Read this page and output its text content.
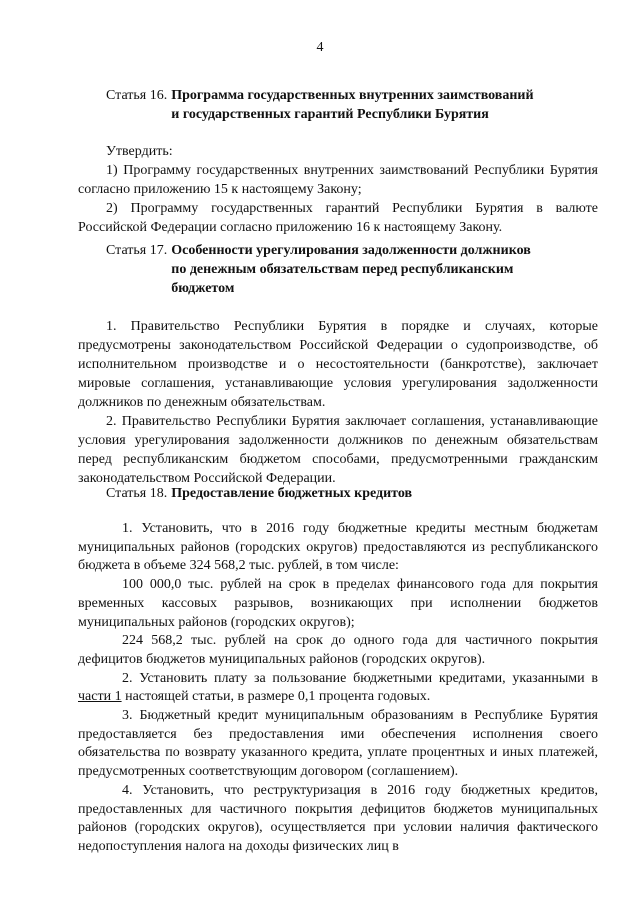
4
Статья 16. Программа государственных внутренних заимствований
и государственных гарантий Республики Бурятия

Утвердить:

1) Программу государственных внутренних заимствований Республики Бурятия согласно приложению 15 к настоящему Закону;

2) Программу государственных гарантий Республики Бурятия в валюте Российской Федерации согласно приложению 16 к настоящему Закону.

Статья 17. Особенности урегулирования задолженности должников
по денежным обязательствам перед республиканским
бюджетом

1. Правительство Республики Бурятия в порядке и случаях, которые предусмотрены законодательством Российской Федерации о судопроизводстве, об исполнительном производстве и о несостоятельности (банкротстве), заключает мировые соглашения, устанавливающие условия урегулирования задолженности должников по денежным обязательствам.

2. Правительство Республики Бурятия заключает соглашения, устанавливающие условия урегулирования задолженности должников по денежным обязательствам перед республиканским бюджетом способами, предусмотренными гражданским законодательством Российской Федерации.

Статья 18. Предоставление бюджетных кредитов

1. Установить, что в 2016 году бюджетные кредиты местным бюджетам муниципальных районов (городских округов) предоставляются из республиканского бюджета в объеме 324 568,2 тыс. рублей, в том числе:

100 000,0 тыс. рублей на срок в пределах финансового года для покрытия временных кассовых разрывов, возникающих при исполнении бюджетов муниципальных районов (городских округов);

224 568,2 тыс. рублей на срок до одного года для частичного покрытия дефицитов бюджетов муниципальных районов (городских округов).

2. Установить плату за пользование бюджетными кредитами, указанными в части 1 настоящей статьи, в размере 0,1 процента годовых.

3. Бюджетный кредит муниципальным образованиям в Республике Бурятия предоставляется без предоставления ими обеспечения исполнения своего обязательства по возврату указанного кредита, уплате процентных и иных платежей, предусмотренных соответствующим договором (соглашением).

4. Установить, что реструктуризация в 2016 году бюджетных кредитов, предоставленных для частичного покрытия дефицитов бюджетов муниципальных районов (городских округов), осуществляется при условии наличия фактического недопоступления налога на доходы физических лиц в
